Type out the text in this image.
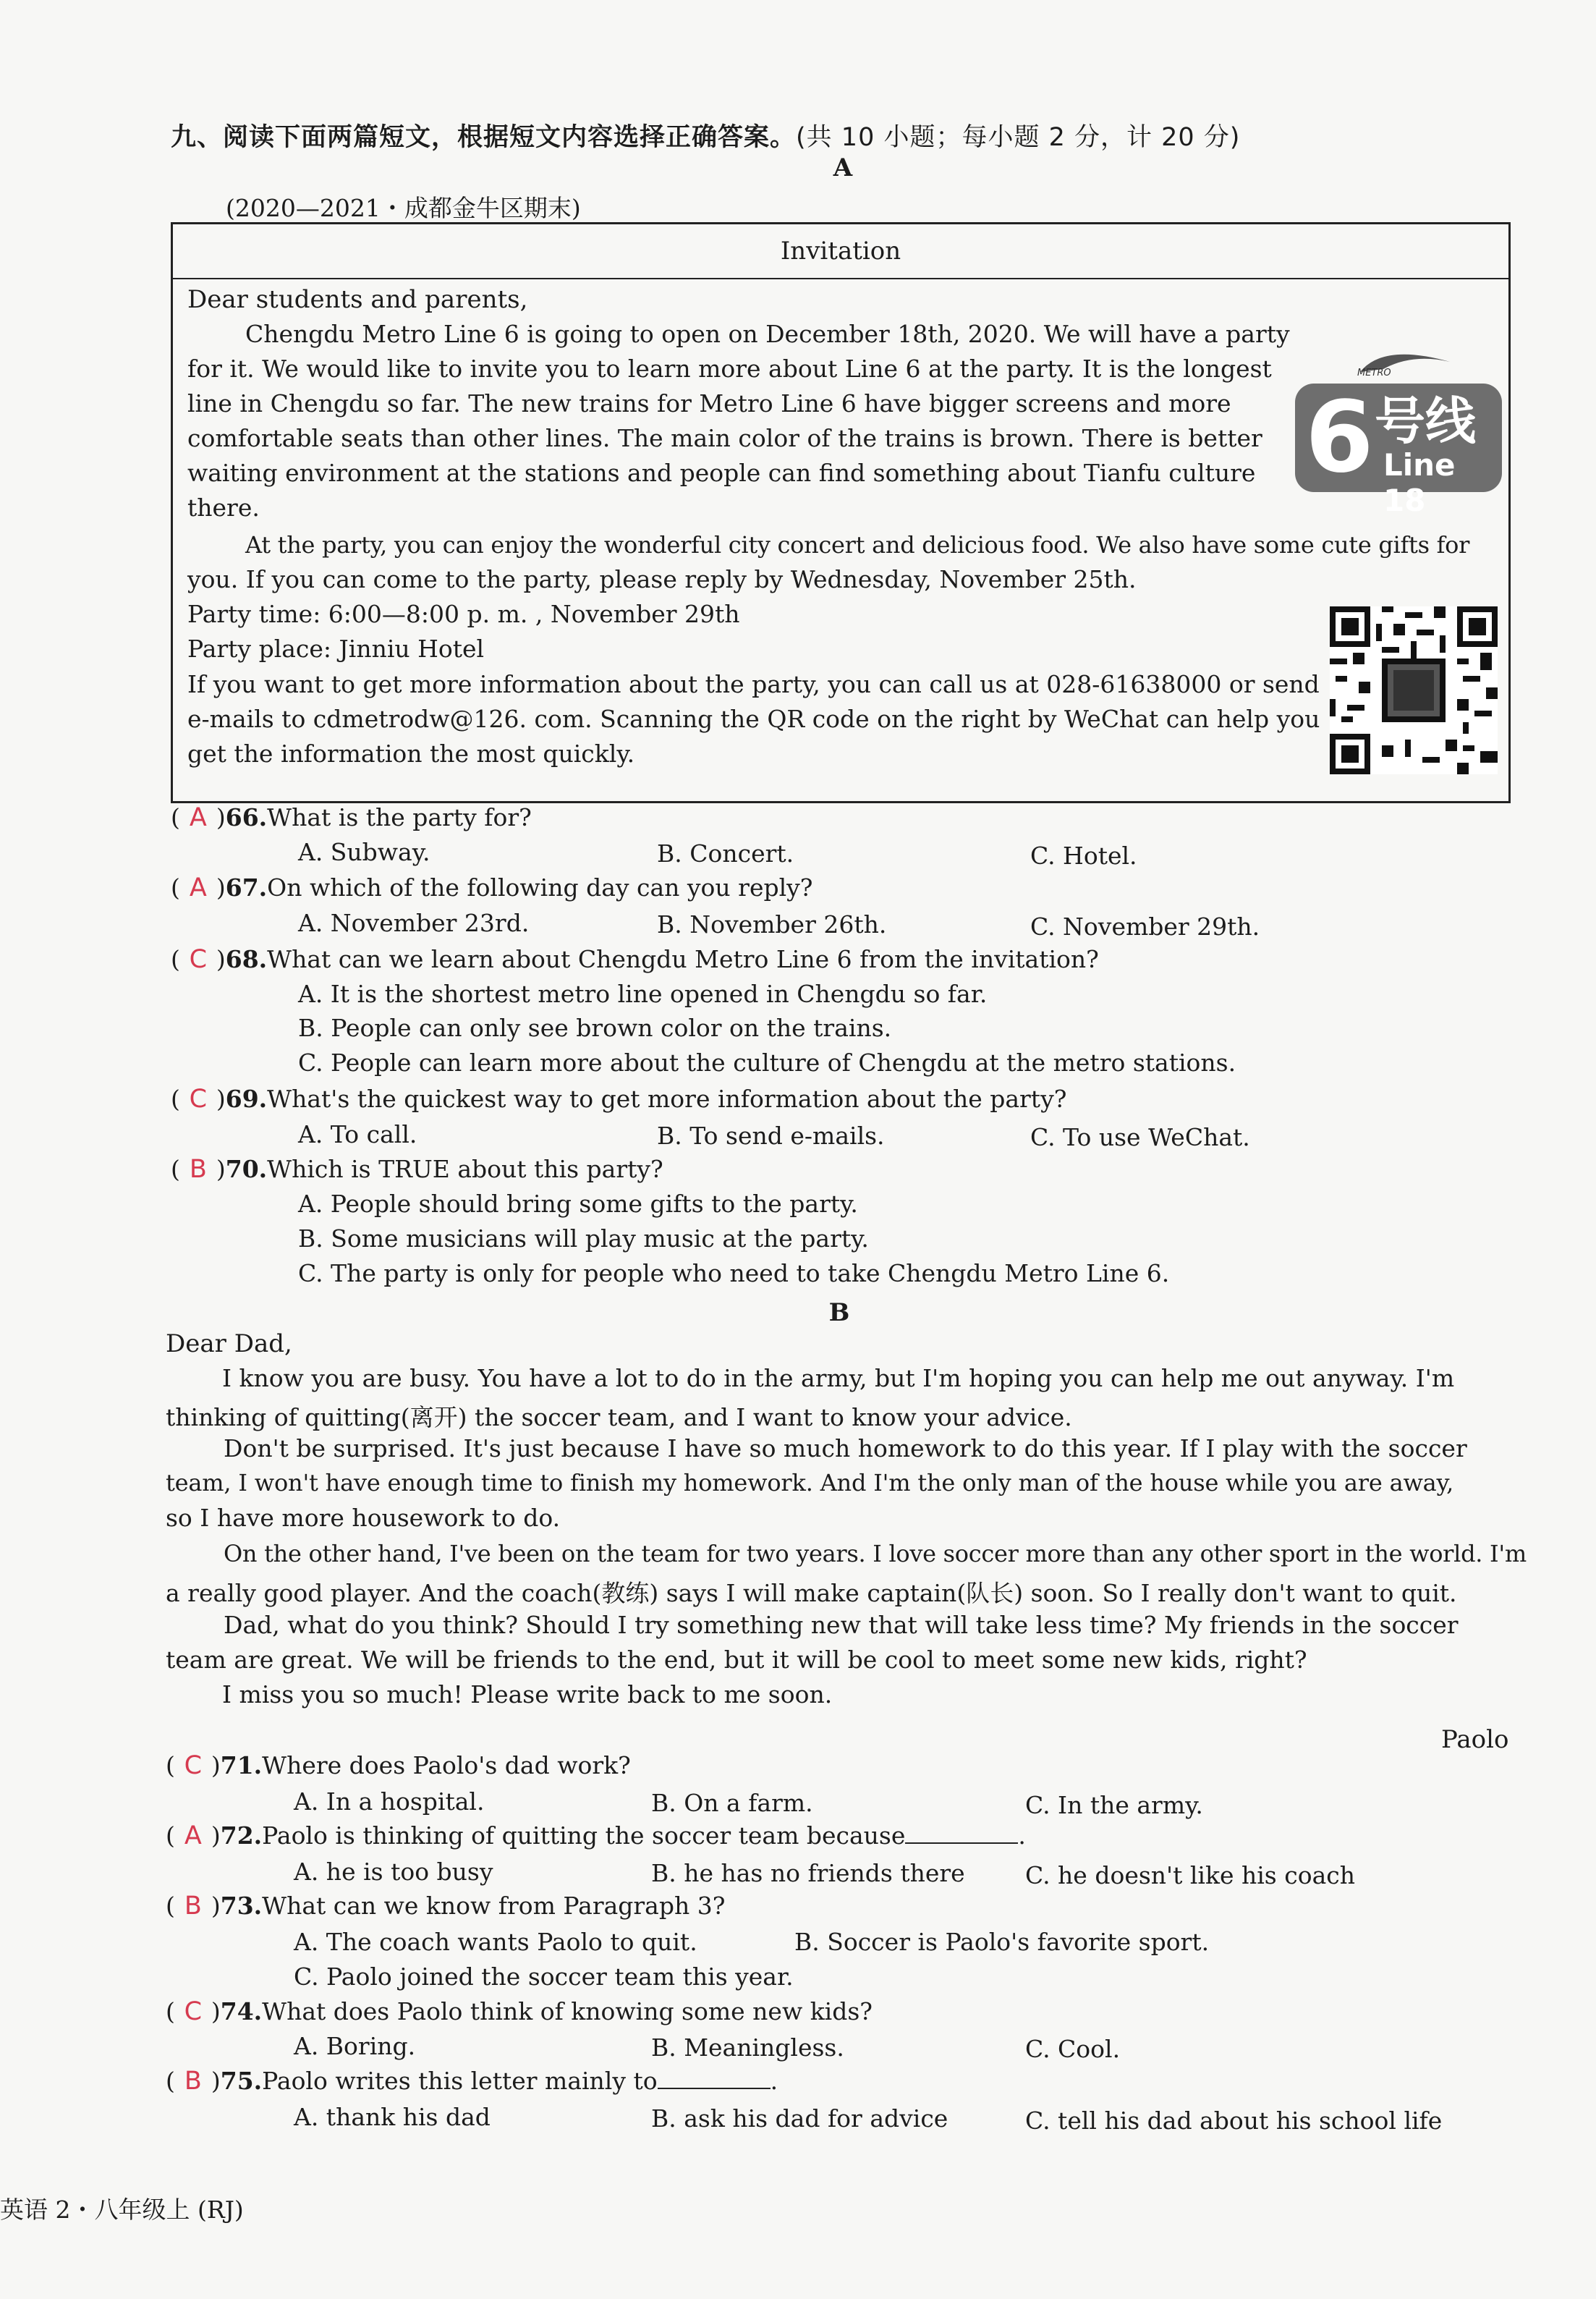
九、阅读下面两篇短文，根据短文内容选择正确答案。(共 10 小题；每小题 2 分，计 20 分)
A
(2020—2021・成都金牛区期末)
Invitation
Dear students and parents,
Chengdu Metro Line 6 is going to open on December 18th, 2020. We will have a party
for it. We would like to invite you to learn more about Line 6 at the party. It is the longest
line in Chengdu so far. The new trains for Metro Line 6 have bigger screens and more
comfortable seats than other lines. The main color of the trains is brown. There is better
waiting environment at the stations and people can find something about Tianfu culture
there.
At the party, you can enjoy the wonderful city concert and delicious food. We also have some cute gifts for
you. If you can come to the party, please reply by Wednesday, November 25th.
Party time: 6:00—8:00 p. m. , November 29th
Party place: Jinniu Hotel
If you want to get more information about the party, you can call us at 028-61638000 or send
e-mails to cdmetrodw@126. com. Scanning the QR code on the right by WeChat can help you
get the information the most quickly.
METRO
6 号线
Line 18
( A )66.What is the party for?
A. Subway.	B. Concert.	C. Hotel.
( A )67.On which of the following day can you reply?
A. November 23rd.	B. November 26th.	C. November 29th.
( C )68.What can we learn about Chengdu Metro Line 6 from the invitation?
A. It is the shortest metro line opened in Chengdu so far.
B. People can only see brown color on the trains.
C. People can learn more about the culture of Chengdu at the metro stations.
( C )69.What's the quickest way to get more information about the party?
A. To call.	B. To send e-mails.	C. To use WeChat.
( B )70.Which is TRUE about this party?
A. People should bring some gifts to the party.
B. Some musicians will play music at the party.
C. The party is only for people who need to take Chengdu Metro Line 6.
B
Dear Dad,
I know you are busy. You have a lot to do in the army, but I'm hoping you can help me out anyway. I'm
thinking of quitting(离开) the soccer team, and I want to know your advice.
Don't be surprised. It's just because I have so much homework to do this year. If I play with the soccer
team, I won't have enough time to finish my homework. And I'm the only man of the house while you are away,
so I have more housework to do.
On the other hand, I've been on the team for two years. I love soccer more than any other sport in the world. I'm
a really good player. And the coach(教练) says I will make captain(队长) soon. So I really don't want to quit.
Dad, what do you think? Should I try something new that will take less time? My friends in the soccer
team are great. We will be friends to the end, but it will be cool to meet some new kids, right?
I miss you so much! Please write back to me soon.
Paolo
( C )71.Where does Paolo's dad work?
A. In a hospital.	B. On a farm.	C. In the army.
( A )72.Paolo is thinking of quitting the soccer team because	.
A. he is too busy	B. he has no friends there	C. he doesn't like his coach
( B )73.What can we know from Paragraph 3?
A. The coach wants Paolo to quit.	B. Soccer is Paolo's favorite sport.
C. Paolo joined the soccer team this year.
( C )74.What does Paolo think of knowing some new kids?
A. Boring.	B. Meaningless.	C. Cool.
( B )75.Paolo writes this letter mainly to	.
A. thank his dad	B. ask his dad for advice	C. tell his dad about his school life
英语 2・八年级上 (RJ)
